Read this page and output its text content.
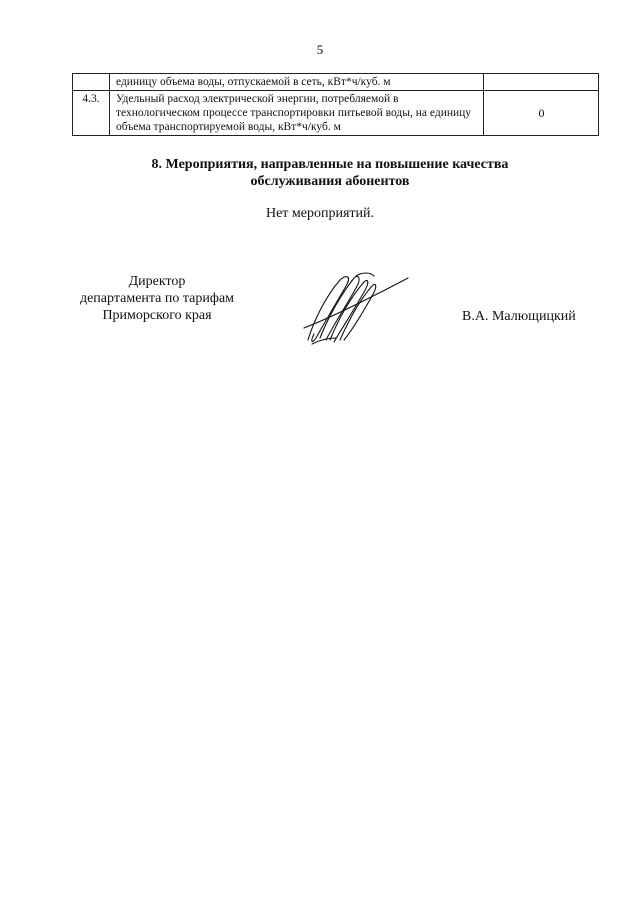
5
	единицу объема воды, отпускаемой в сеть, кВт*ч/куб. м	
4.3.	Удельный расход электрической энергии, потребляемой в технологическом процессе транспортировки питьевой воды, на единицу объема транспортируемой воды, кВт*ч/куб. м	0
8. Мероприятия, направленные на повышение качества
обслуживания абонентов
Нет мероприятий.
Директор
департамента по тарифам
Приморского края	В.А. Малющицкий
